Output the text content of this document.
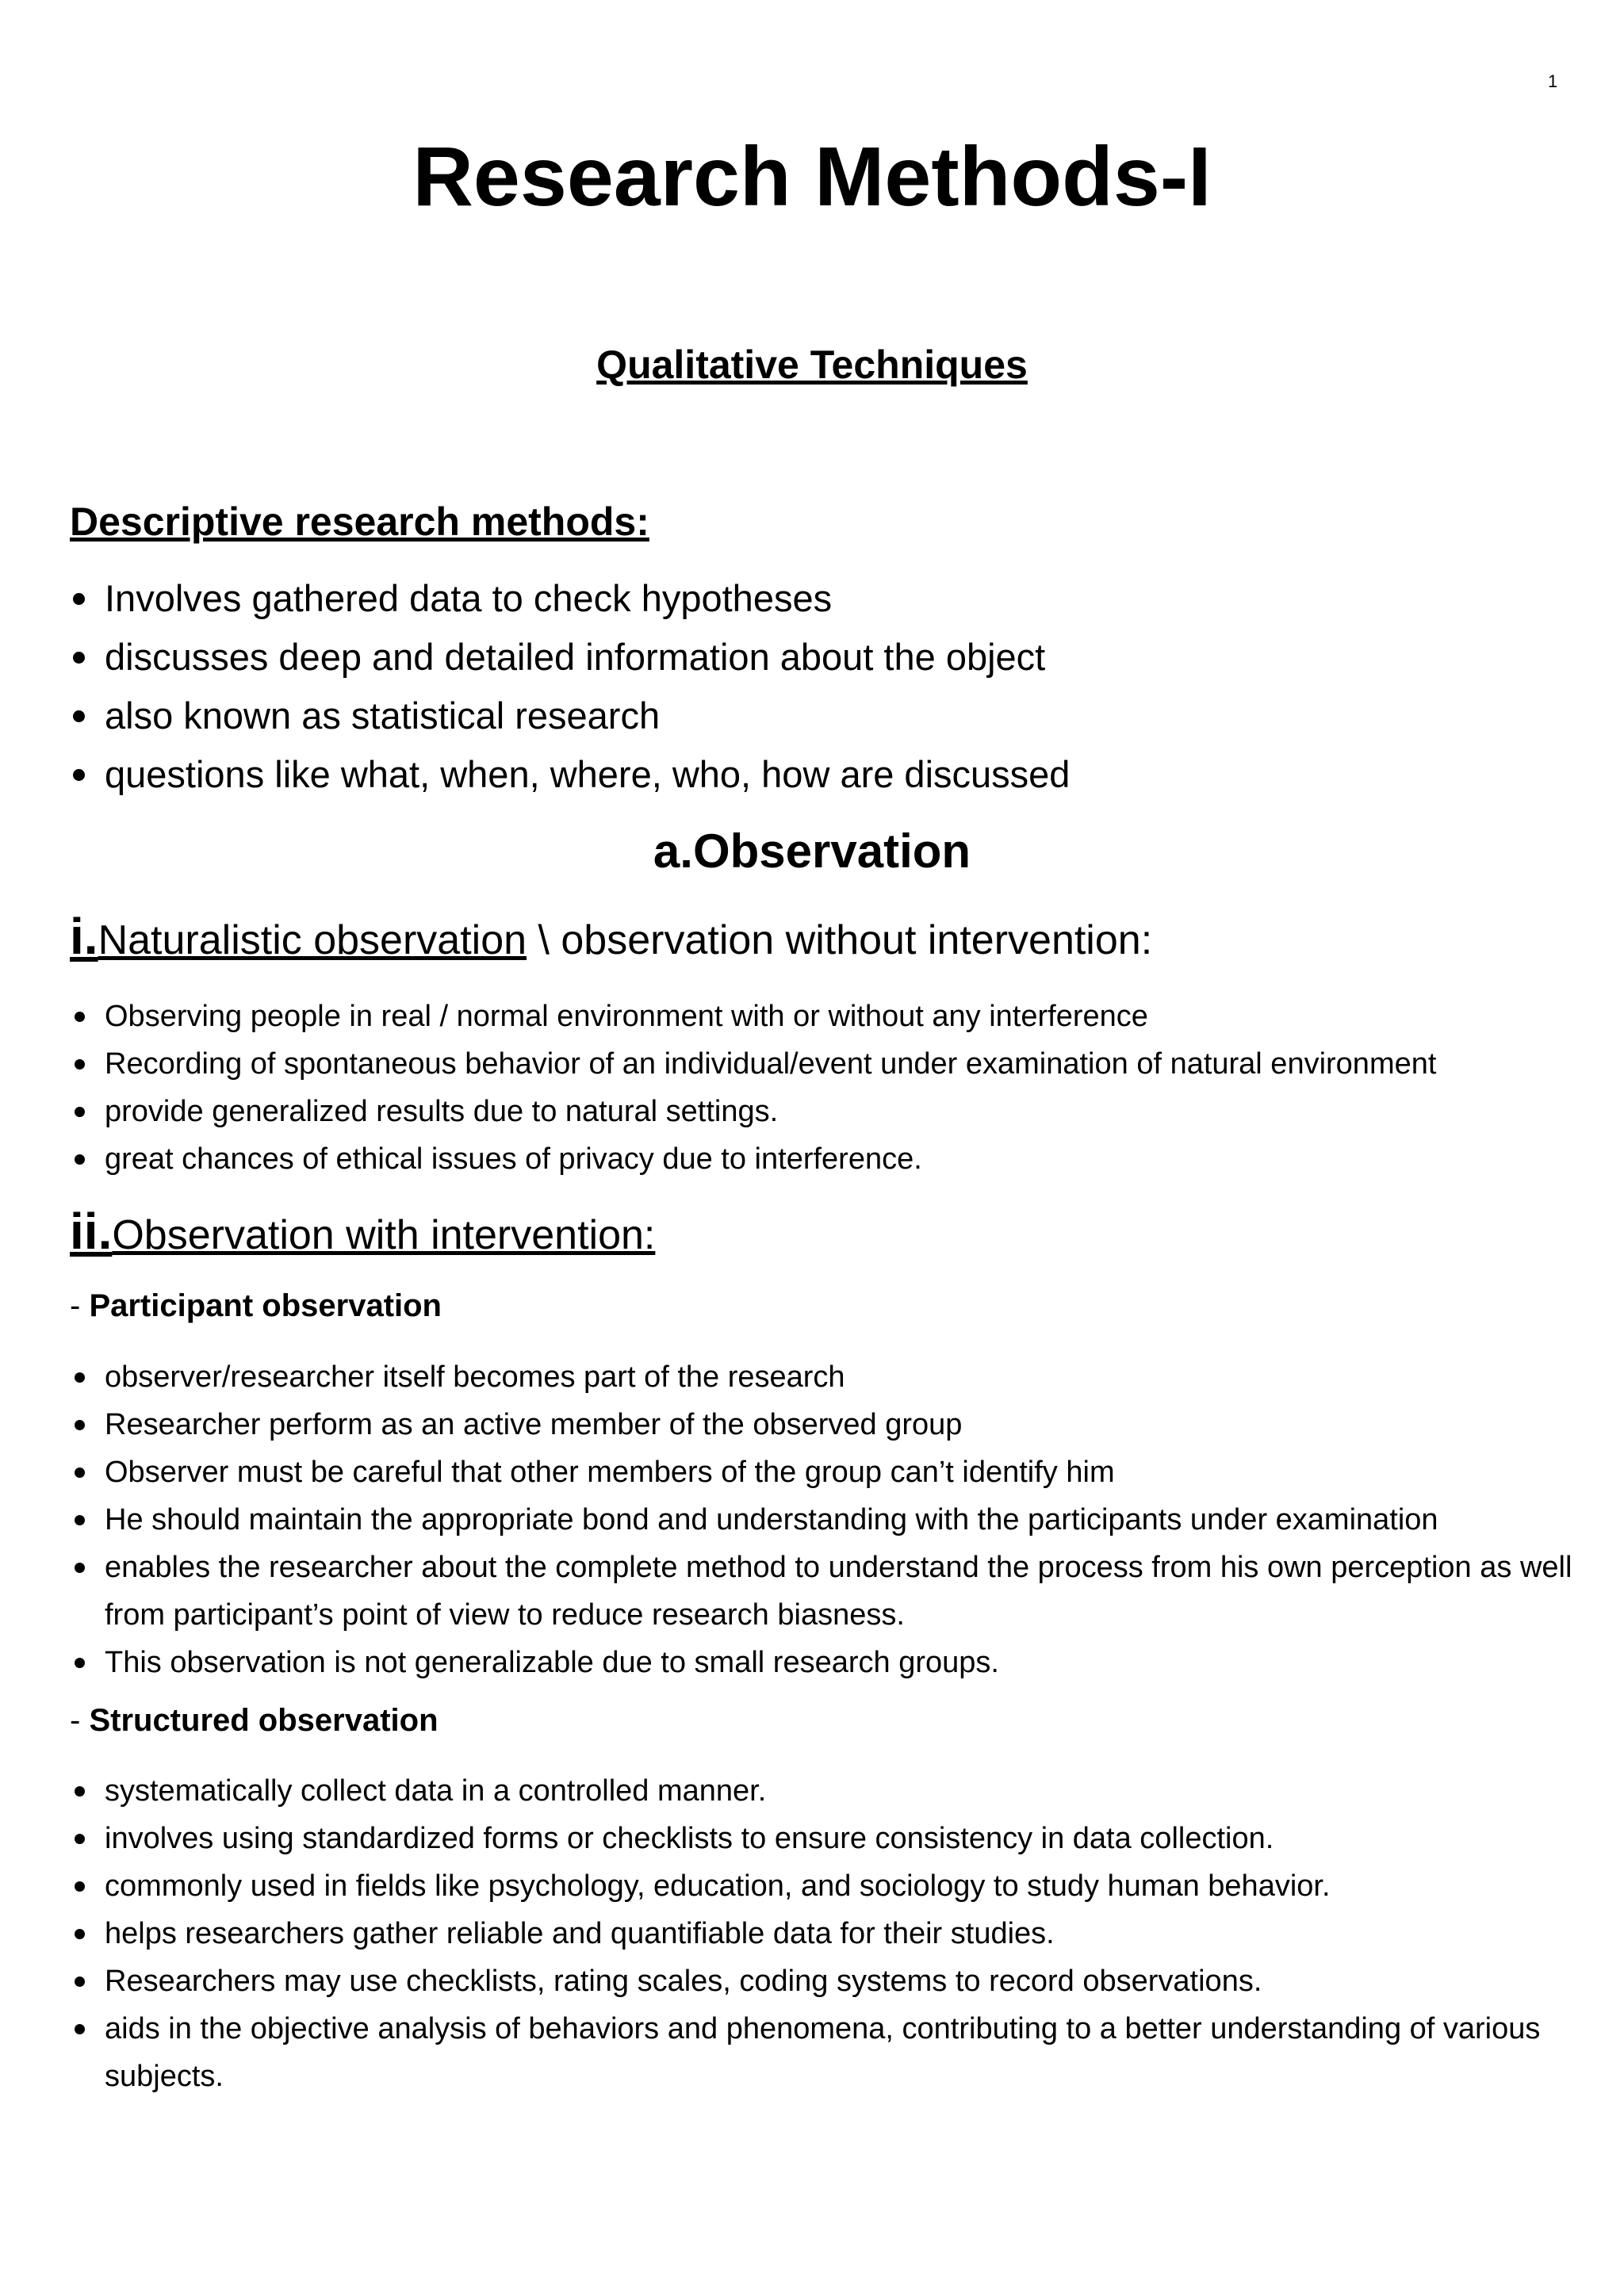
1
Research Methods-I
Qualitative Techniques
Descriptive research methods:
Involves gathered data to check hypotheses
discusses deep and detailed information about the object
also known as statistical research
questions like what, when, where, who, how are discussed
a.Observation
i.Naturalistic observation \ observation without intervention:
Observing people in real / normal environment with or without any interference
Recording of spontaneous behavior of an individual/event under examination of natural environment
provide generalized results due to natural settings.
great chances of ethical issues of privacy due to interference.
ii.Observation with intervention:
- Participant observation
observer/researcher itself becomes part of the research
Researcher perform as an active member of the observed group
Observer must be careful that other members of the group can’t identify him
He should maintain the appropriate bond and understanding with the participants under examination
enables the researcher about the complete method to understand the process from his own perception as well from participant’s point of view to reduce research biasness.
This observation is not generalizable due to small research groups.
- Structured observation
systematically collect data in a controlled manner.
involves using standardized forms or checklists to ensure consistency in data collection.
commonly used in fields like psychology, education, and sociology to study human behavior.
helps researchers gather reliable and quantifiable data for their studies.
Researchers may use checklists, rating scales, coding systems to record observations.
aids in the objective analysis of behaviors and phenomena, contributing to a better understanding of various subjects.
